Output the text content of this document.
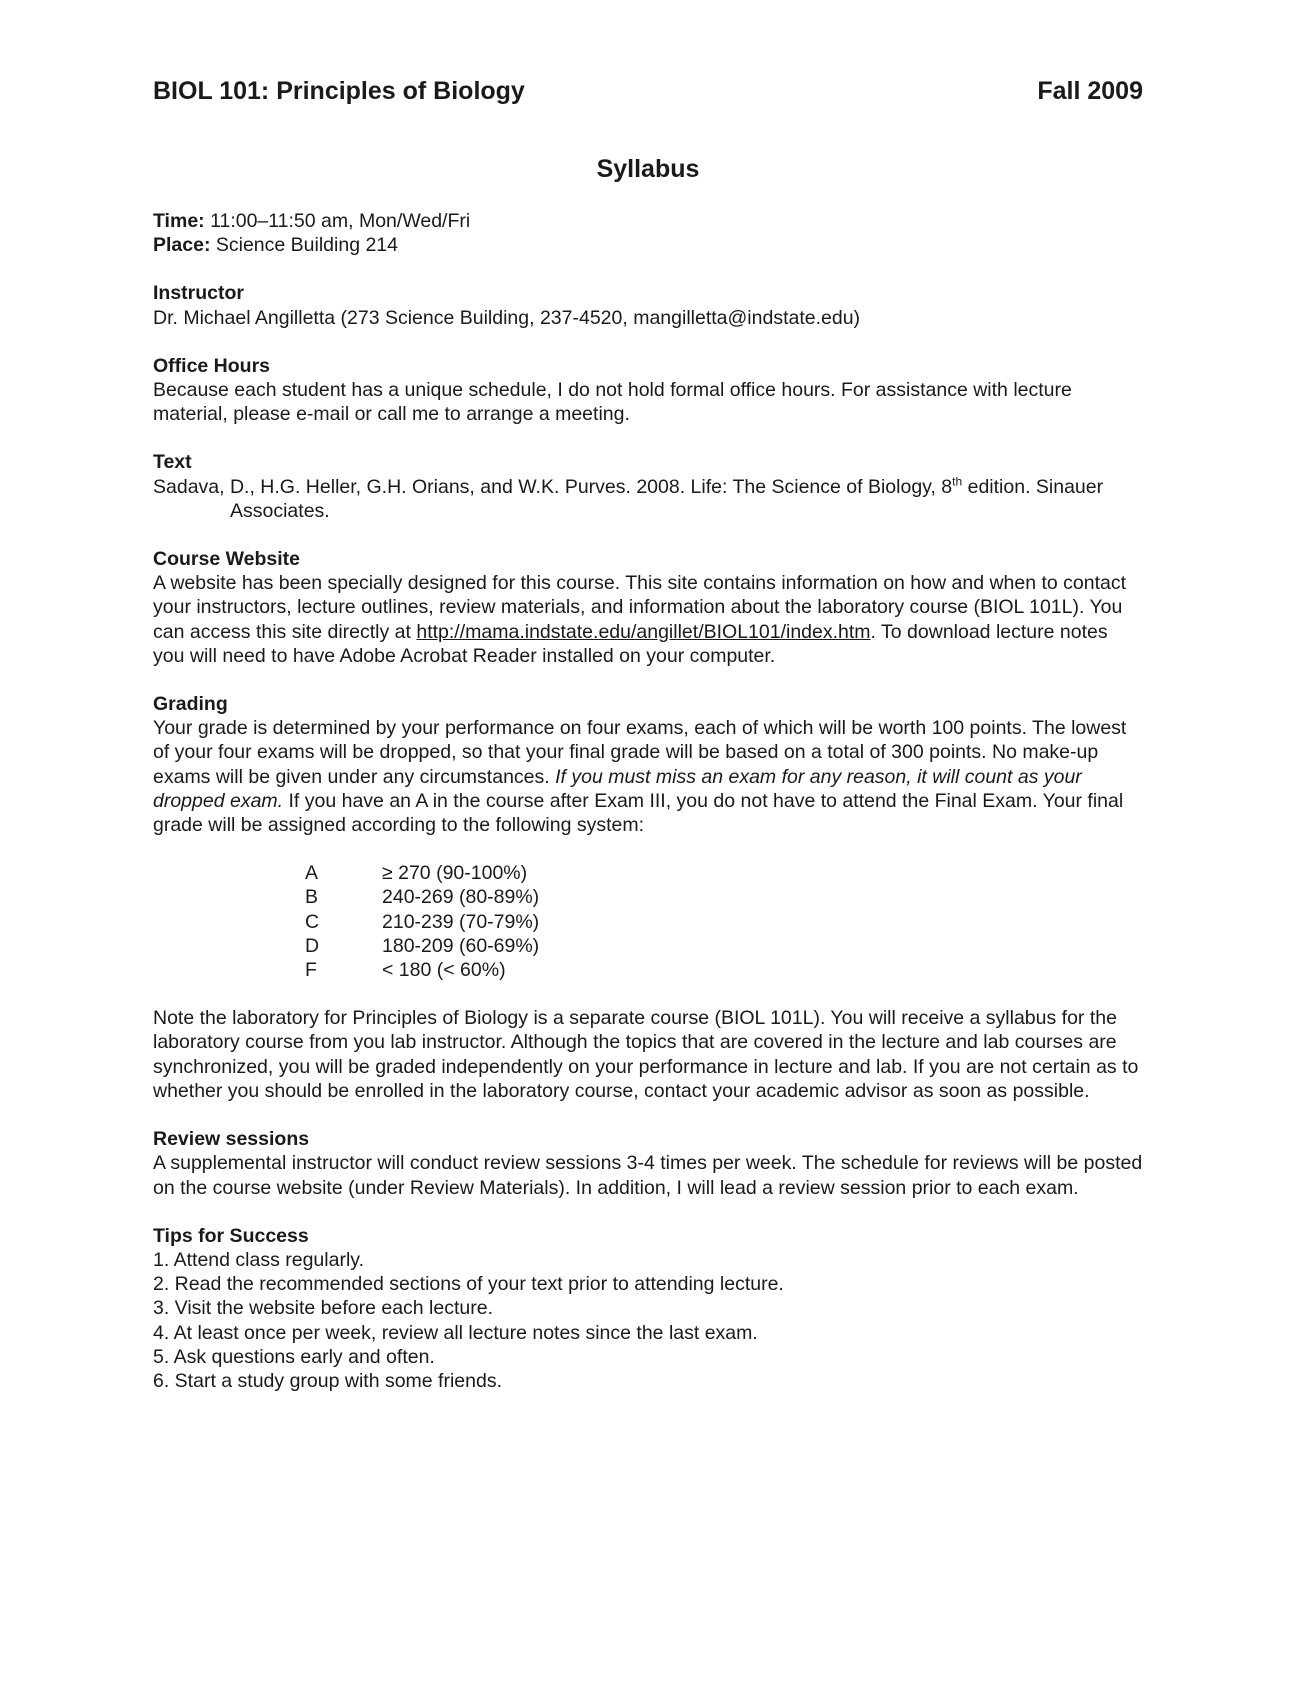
BIOL 101: Principles of Biology	Fall 2009
Syllabus

Time: 11:00–11:50 am, Mon/Wed/Fri

Place: Science Building 214

Instructor

Dr. Michael Angilletta (273 Science Building, 237-4520, mangilletta@indstate.edu)

Office Hours

Because each student has a unique schedule, I do not hold formal office hours. For assistance with lecture material, please e-mail or call me to arrange a meeting.

Text

Sadava, D., H.G. Heller, G.H. Orians, and W.K. Purves. 2008. Life: The Science of Biology, 8th edition. Sinauer Associates.

Course Website

A website has been specially designed for this course. This site contains information on how and when to contact your instructors, lecture outlines, review materials, and information about the laboratory course (BIOL 101L). You can access this site directly at http://mama.indstate.edu/angillet/BIOL101/index.htm. To download lecture notes you will need to have Adobe Acrobat Reader installed on your computer.

Grading

Your grade is determined by your performance on four exams, each of which will be worth 100 points. The lowest of your four exams will be dropped, so that your final grade will be based on a total of 300 points. No make-up exams will be given under any circumstances. If you must miss an exam for any reason, it will count as your dropped exam. If you have an A in the course after Exam III, you do not have to attend the Final Exam. Your final grade will be assigned according to the following system:

A	≥ 270 (90-100%)
B	240-269 (80-89%)
C	210-239 (70-79%)
D	180-209 (60-69%)
F	< 180 (< 60%)

Note the laboratory for Principles of Biology is a separate course (BIOL 101L). You will receive a syllabus for the laboratory course from you lab instructor. Although the topics that are covered in the lecture and lab courses are synchronized, you will be graded independently on your performance in lecture and lab. If you are not certain as to whether you should be enrolled in the laboratory course, contact your academic advisor as soon as possible.

Review sessions

A supplemental instructor will conduct review sessions 3-4 times per week. The schedule for reviews will be posted on the course website (under Review Materials). In addition, I will lead a review session prior to each exam.

Tips for Success

1. Attend class regularly.
2. Read the recommended sections of your text prior to attending lecture.
3. Visit the website before each lecture.
4. At least once per week, review all lecture notes since the last exam.
5. Ask questions early and often.
6. Start a study group with some friends.
